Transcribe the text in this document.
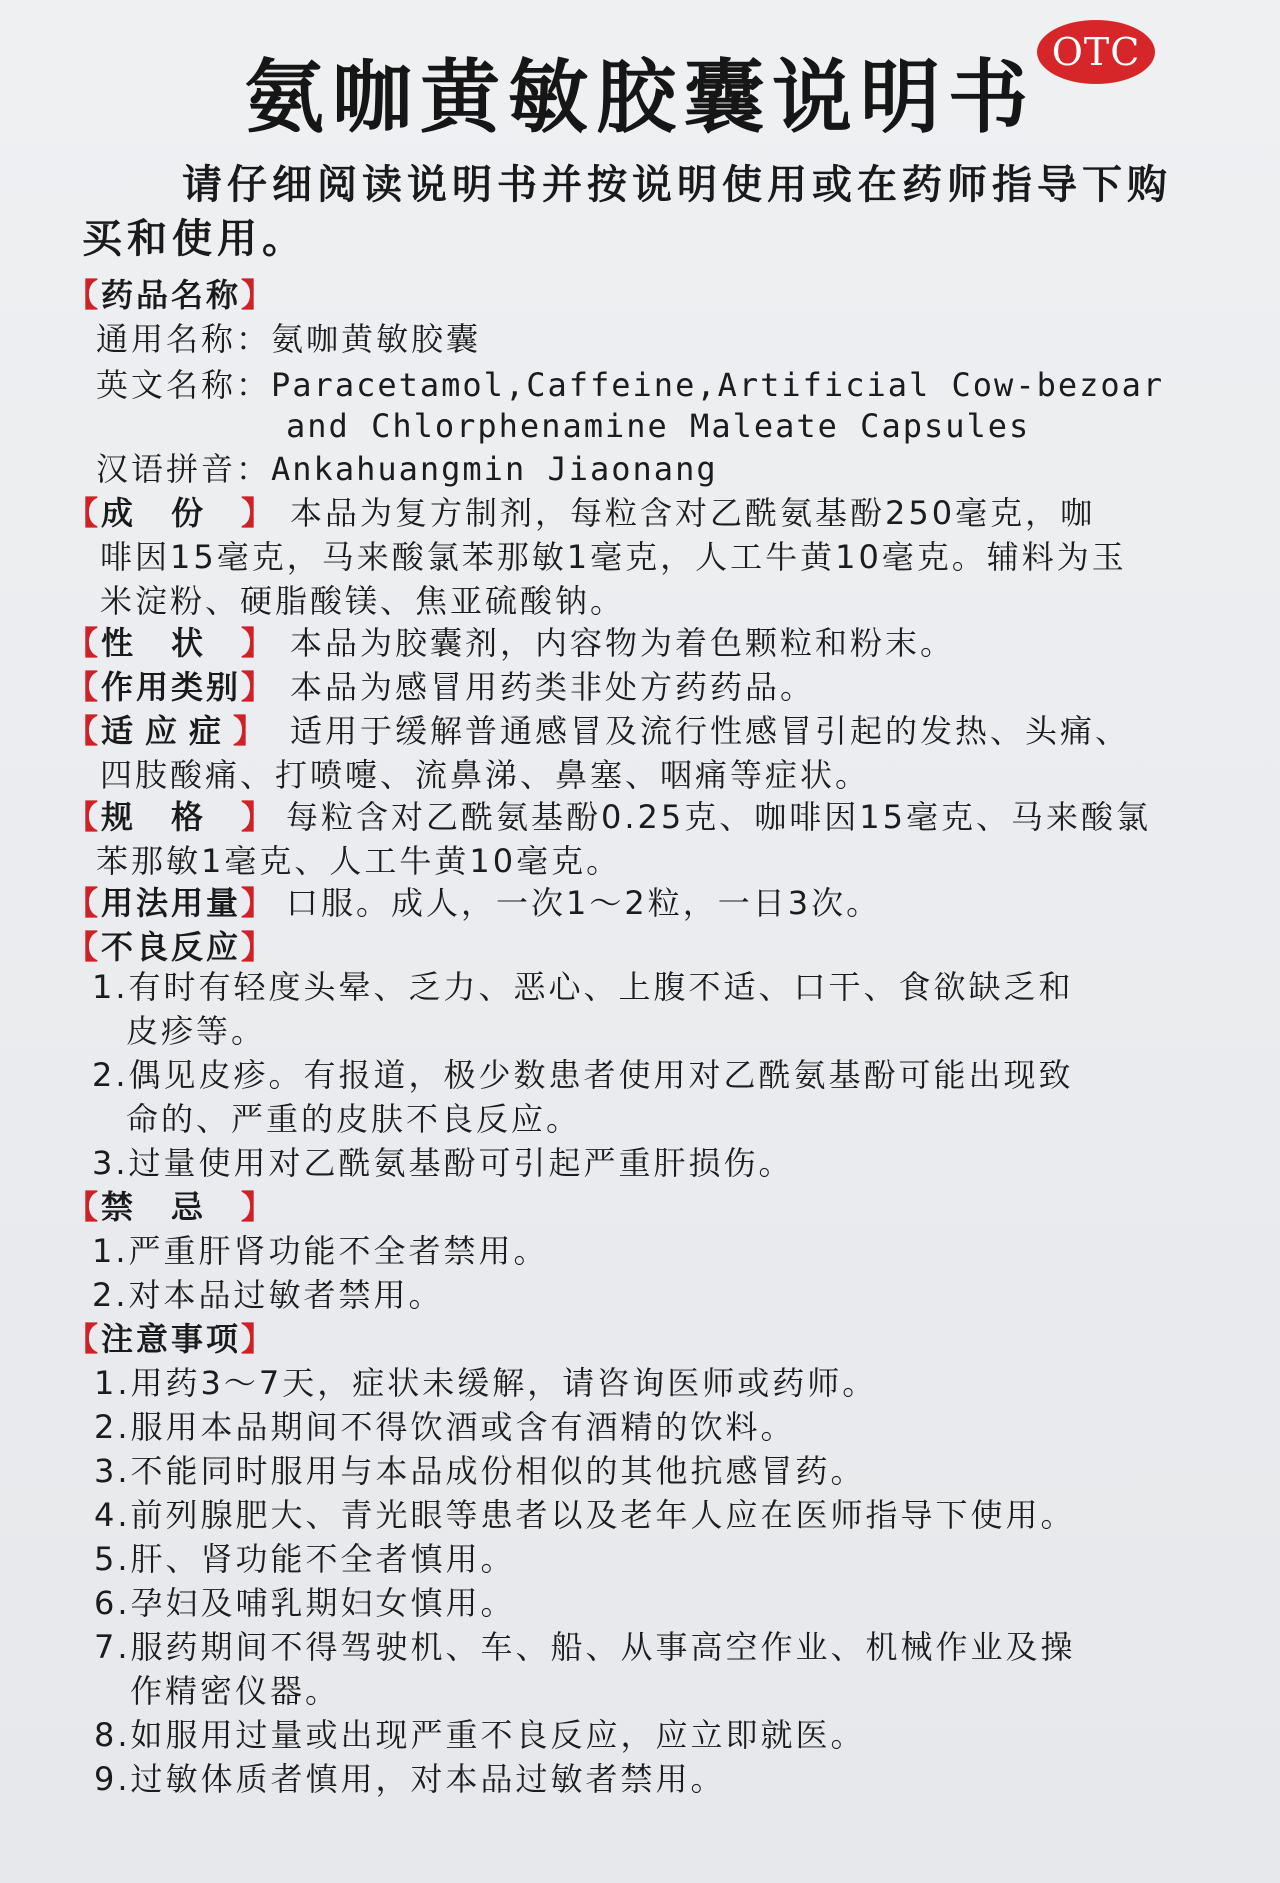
OTC
氨咖黄敏胶囊说明书
请仔细阅读说明书并按说明使用或在药师指导下购买和使用。
【药品名称】
通用名称：氨咖黄敏胶囊
英文名称：Paracetamol,Caffeine,Artificial Cow-bezoar
and Chlorphenamine Maleate Capsules
汉语拼音：Ankahuangmin Jiaonang
【成份】 本品为复方制剂，每粒含对乙酰氨基酚250毫克，咖
啡因15毫克，马来酸氯苯那敏1毫克，人工牛黄10毫克。辅料为玉
米淀粉、硬脂酸镁、焦亚硫酸钠。
【性状】 本品为胶囊剂，内容物为着色颗粒和粉末。
【作用类别】 本品为感冒用药类非处方药药品。
【适应症】 适用于缓解普通感冒及流行性感冒引起的发热、头痛、
四肢酸痛、打喷嚏、流鼻涕、鼻塞、咽痛等症状。
【规格】 每粒含对乙酰氨基酚0.25克、咖啡因15毫克、马来酸氯
苯那敏1毫克、人工牛黄10毫克。
【用法用量】 口服。成人，一次1～2粒，一日3次。
【不良反应】
1.有时有轻度头晕、乏力、恶心、上腹不适、口干、食欲缺乏和
皮疹等。
2.偶见皮疹。有报道，极少数患者使用对乙酰氨基酚可能出现致
命的、严重的皮肤不良反应。
3.过量使用对乙酰氨基酚可引起严重肝损伤。
【禁忌】
1.严重肝肾功能不全者禁用。
2.对本品过敏者禁用。
【注意事项】
1.用药3～7天，症状未缓解，请咨询医师或药师。
2.服用本品期间不得饮酒或含有酒精的饮料。
3.不能同时服用与本品成份相似的其他抗感冒药。
4.前列腺肥大、青光眼等患者以及老年人应在医师指导下使用。
5.肝、肾功能不全者慎用。
6.孕妇及哺乳期妇女慎用。
7.服药期间不得驾驶机、车、船、从事高空作业、机械作业及操
作精密仪器。
8.如服用过量或出现严重不良反应，应立即就医。
9.过敏体质者慎用，对本品过敏者禁用。
